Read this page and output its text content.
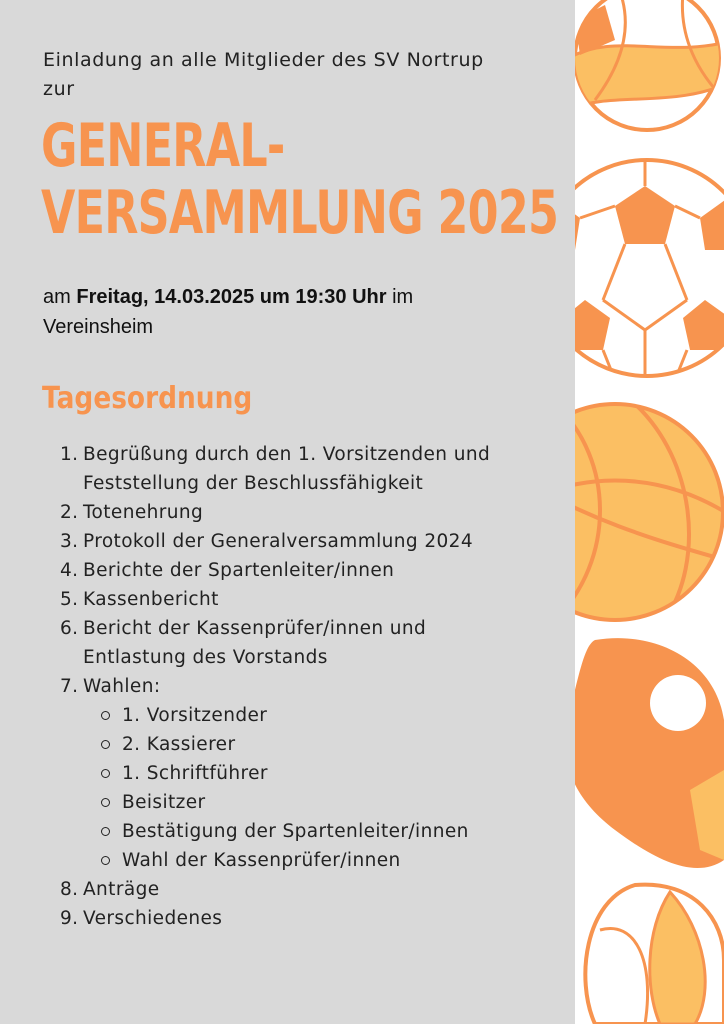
Einladung an alle Mitglieder des SV Nortrup
zur
GENERAL-
VERSAMMLUNG 2025
am Freitag, 14.03.2025 um 19:30 Uhr im
Vereinsheim
Tagesordnung
1. Begrüßung durch den 1. Vorsitzenden und
Feststellung der Beschlussfähigkeit
2. Totenehrung
3. Protokoll der Generalversammlung 2024
4. Berichte der Spartenleiter/innen
5. Kassenbericht
6. Bericht der Kassenprüfer/innen und
Entlastung des Vorstands
7. Wahlen:
1. Vorsitzender
2. Kassierer
1. Schriftführer
Beisitzer
Bestätigung der Spartenleiter/innen
Wahl der Kassenprüfer/innen
8. Anträge
9. Verschiedenes
